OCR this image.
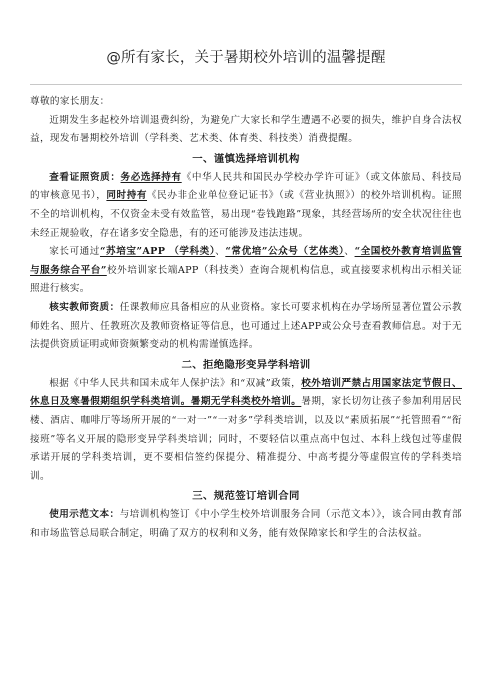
@所有家长，关于暑期校外培训的温馨提醒

尊敬的家长朋友：

近期发生多起校外培训退费纠纷，为避免广大家长和学生遭遇不必要的损失，维护自身合法权益，现发布暑期校外培训（学科类、艺术类、体育类、科技类）消费提醒。

一、谨慎选择培训机构

查看证照资质：务必选择持有《中华人民共和国民办学校办学许可证》（或文体旅局、科技局的审核意见书），同时持有《民办非企业单位登记证书》（或《营业执照》）的校外培训机构。证照不全的培训机构，不仅资金未受有效监管，易出现“卷钱跑路”现象，其经营场所的安全状况往往也未经正规验收，存在诸多安全隐患，有的还可能涉及违法违规。

家长可通过“苏培宝”APP （学科类）、“常优培”公众号（艺体类）、“全国校外教育培训监管与服务综合平台”校外培训家长端APP（科技类）查询合规机构信息，或直接要求机构出示相关证照进行核实。

核实教师资质：任课教师应具备相应的从业资格。家长可要求机构在办学场所显著位置公示教师姓名、照片、任教班次及教师资格证等信息，也可通过上述APP或公众号查看教师信息。对于无法提供资质证明或师资频繁变动的机构需谨慎选择。

二、拒绝隐形变异学科培训

根据《中华人民共和国未成年人保护法》和“双减”政策，校外培训严禁占用国家法定节假日、休息日及寒暑假期组织学科类培训。暑期无学科类校外培训。暑期，家长切勿让孩子参加利用居民楼、酒店、咖啡厅等场所开展的“一对一”“一对多”学科类培训，以及以“素质拓展”“托管照看”“衔接班”等名义开展的隐形变异学科类培训；同时，不要轻信以重点高中包过、本科上线包过等虚假承诺开展的学科类培训，更不要相信签约保提分、精准提分、中高考提分等虚假宣传的学科类培训。

三、规范签订培训合同

使用示范文本：与培训机构签订《中小学生校外培训服务合同（示范文本）》，该合同由教育部和市场监管总局联合制定，明确了双方的权利和义务，能有效保障家长和学生的合法权益。
